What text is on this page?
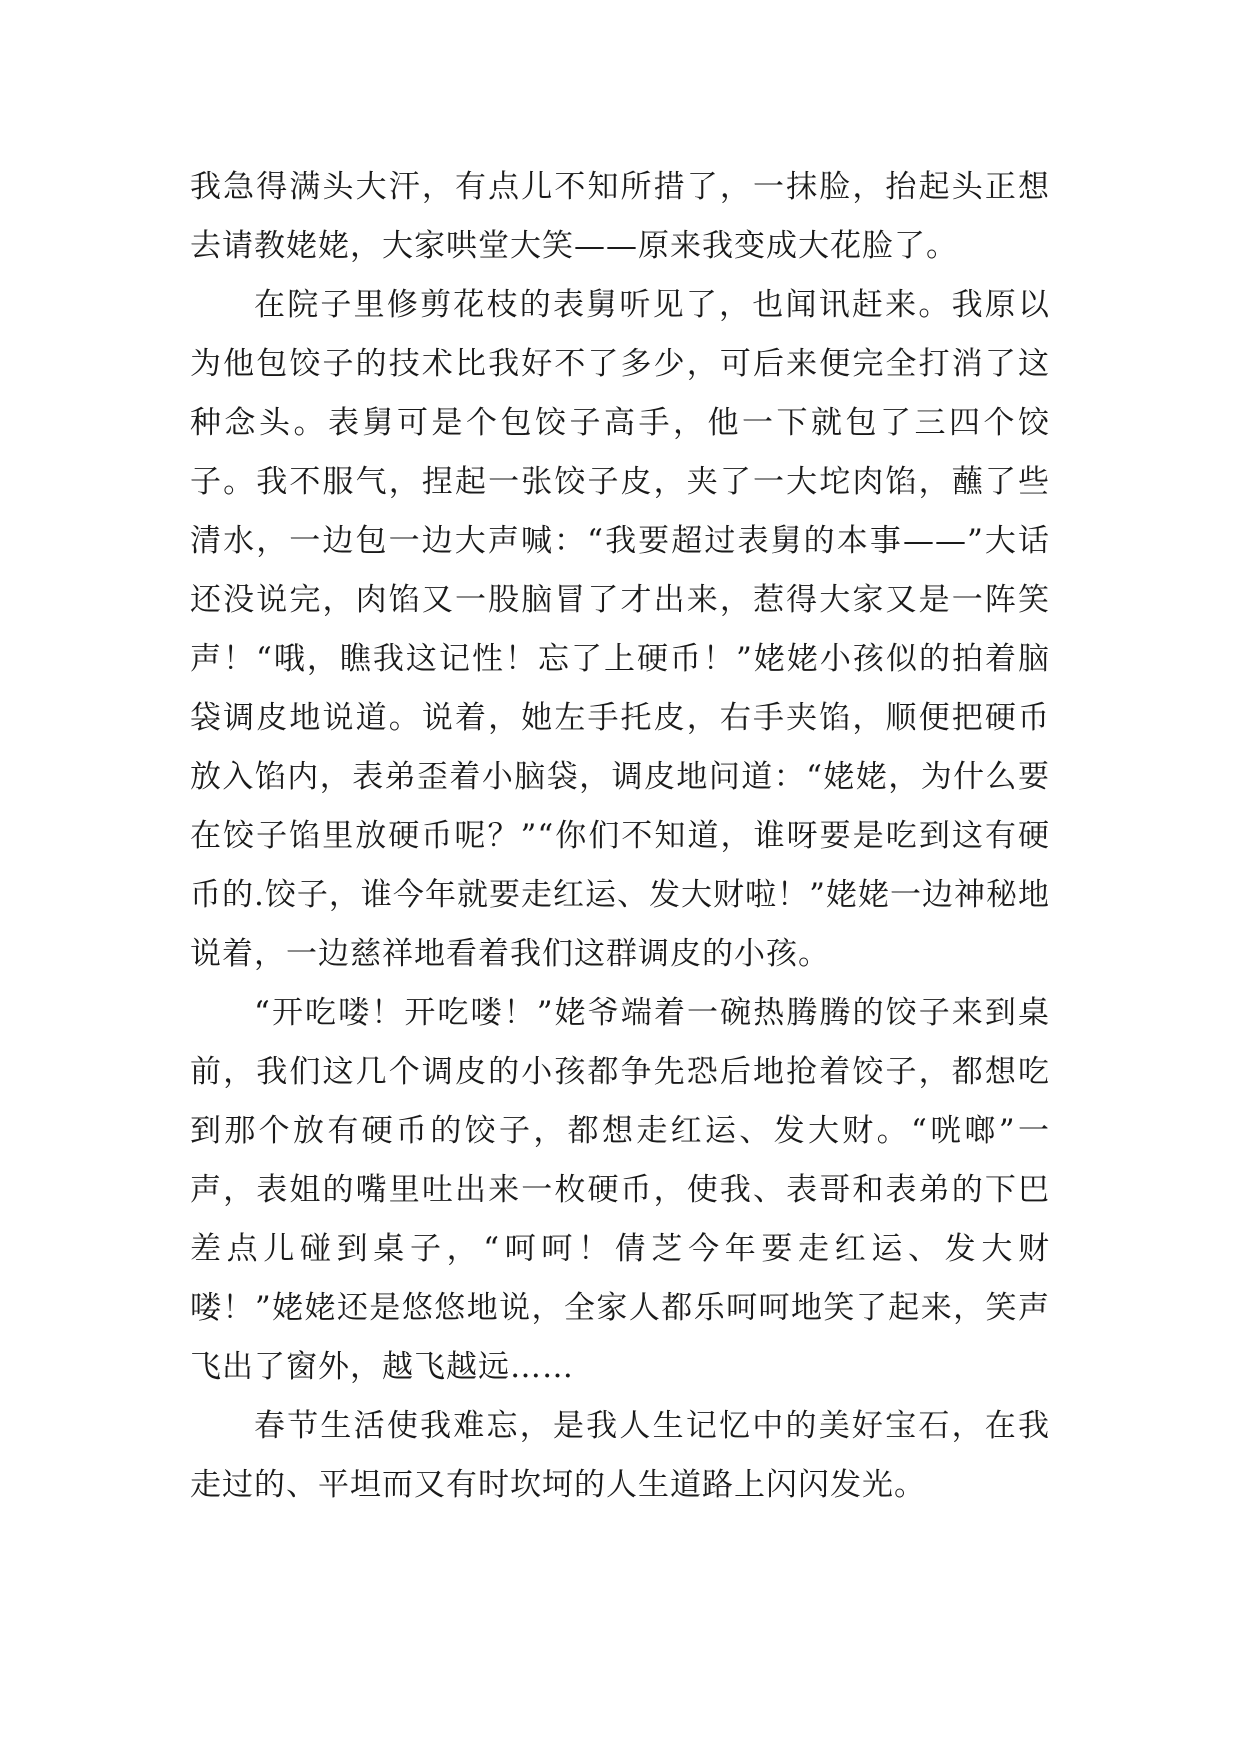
我急得满头大汗，有点儿不知所措了，一抹脸，抬起头正想去请教姥姥，大家哄堂大笑——原来我变成大花脸了。

在院子里修剪花枝的表舅听见了，也闻讯赶来。我原以为他包饺子的技术比我好不了多少，可后来便完全打消了这种念头。表舅可是个包饺子高手，他一下就包了三四个饺子。我不服气，捏起一张饺子皮，夹了一大坨肉馅，蘸了些清水，一边包一边大声喊：“我要超过表舅的本事——”大话还没说完，肉馅又一股脑冒了才出来，惹得大家又是一阵笑声！“哦，瞧我这记性！忘了上硬币！”姥姥小孩似的拍着脑袋调皮地说道。说着，她左手托皮，右手夹馅，顺便把硬币放入馅内，表弟歪着小脑袋，调皮地问道：“姥姥，为什么要在饺子馅里放硬币呢？”“你们不知道，谁呀要是吃到这有硬币的.饺子，谁今年就要走红运、发大财啦！”姥姥一边神秘地说着，一边慈祥地看着我们这群调皮的小孩。

“开吃喽！开吃喽！”姥爷端着一碗热腾腾的饺子来到桌前，我们这几个调皮的小孩都争先恐后地抢着饺子，都想吃到那个放有硬币的饺子，都想走红运、发大财。“咣啷”一声，表姐的嘴里吐出来一枚硬币，使我、表哥和表弟的下巴差点儿碰到桌子，“呵呵！倩芝今年要走红运、发大财喽！”姥姥还是悠悠地说，全家人都乐呵呵地笑了起来，笑声飞出了窗外，越飞越远……

春节生活使我难忘，是我人生记忆中的美好宝石，在我走过的、平坦而又有时坎坷的人生道路上闪闪发光。
